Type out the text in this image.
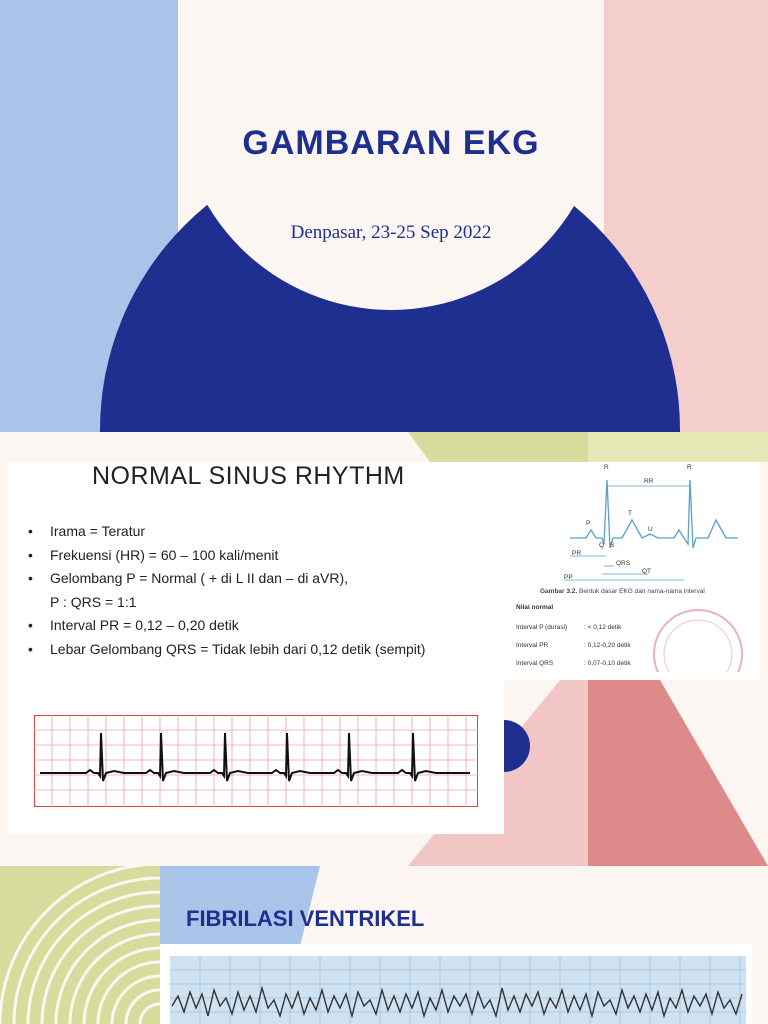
GAMBARAN EKG
Denpasar, 23-25 Sep 2022
NORMAL SINUS RHYTHM
• Irama = Teratur
• Frekuensi (HR) = 60 – 100 kali/menit
• Gelombang P = Normal ( + di L II dan – di aVR),
P : QRS = 1:1
• Interval PR = 0,12 – 0,20 detik
• Lebar Gelombang QRS = Tidak lebih dari 0,12 detik (sempit)
R	R
RR
P
T
U
Q S
PR
QRS
QT
PP
Gambar 3.2. Bentuk dasar EKG dan nama-nama interval
Nilai normal
Interval P (durasi)	: < 0,12 detik
Interval PR	: 0,12-0,20 detik
Interval QRS	: 0,07-0,10 detik
FIBRILASI VENTRIKEL
